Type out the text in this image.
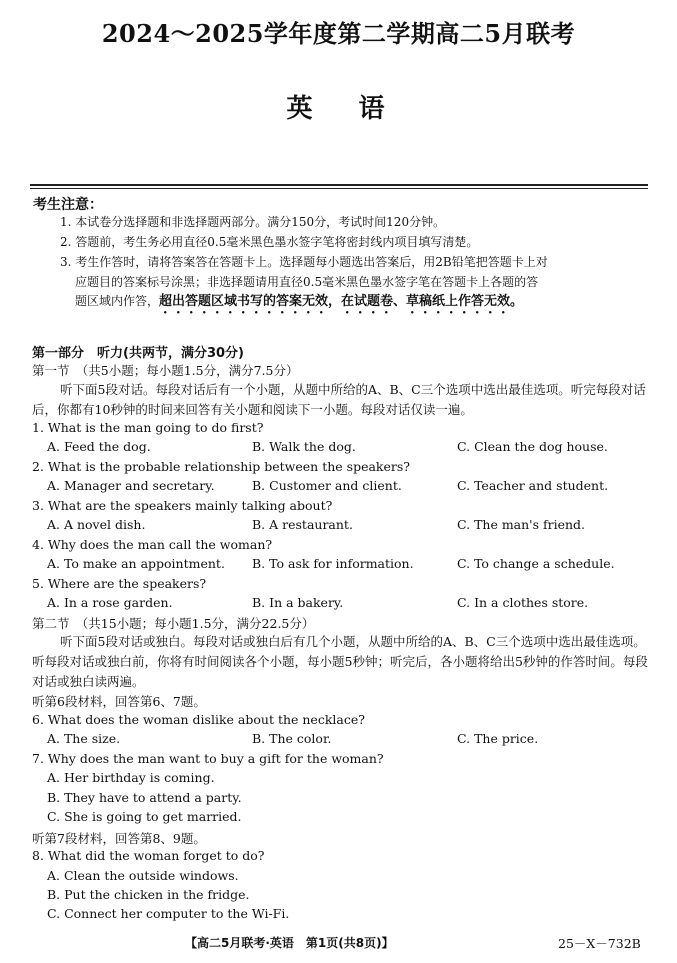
2024～2025学年度第二学期高二5月联考
英语
考生注意：
1. 本试卷分选择题和非选择题两部分。满分150分，考试时间120分钟。
2. 答题前，考生务必用直径0.5毫米黑色墨水签字笔将密封线内项目填写清楚。
3. 考生作答时，请将答案答在答题卡上。选择题每小题选出答案后，用2B铅笔把答题卡上对
应题目的答案标号涂黑；非选择题请用直径0.5毫米黑色墨水签字笔在答题卡上各题的答
题区域内作答，超出答题区域书写的答案无效，在试题卷、草稿纸上作答无效。
第一部分　听力(共两节，满分30分)
第一节　（共5小题；每小题1.5分，满分7.5分）
听下面5段对话。每段对话后有一个小题，从题中所给的A、B、C三个选项中选出最佳选项。听完每段对话后，你都有10秒钟的时间来回答有关小题和阅读下一小题。每段对话仅读一遍。
1. What is the man going to do first?
A. Feed the dog.	B. Walk the dog.	C. Clean the dog house.
2. What is the probable relationship between the speakers?
A. Manager and secretary.	B. Customer and client.	C. Teacher and student.
3. What are the speakers mainly talking about?
A. A novel dish.	B. A restaurant.	C. The man's friend.
4. Why does the man call the woman?
A. To make an appointment. B. To ask for information.	C. To change a schedule.
5. Where are the speakers?
A. In a rose garden.	B. In a bakery.	C. In a clothes store.
第二节　（共15小题；每小题1.5分，满分22.5分）
听下面5段对话或独白。每段对话或独白后有几个小题，从题中所给的A、B、C三个选项中选出最佳选项。听每段对话或独白前，你将有时间阅读各个小题，每小题5秒钟；听完后，各小题将给出5秒钟的作答时间。每段对话或独白读两遍。
听第6段材料，回答第6、7题。
6. What does the woman dislike about the necklace?
A. The size.	B. The color.	C. The price.
7. Why does the man want to buy a gift for the woman?
A. Her birthday is coming.
B. They have to attend a party.
C. She is going to get married.
听第7段材料，回答第8、9题。
8. What did the woman forget to do?
A. Clean the outside windows.
B. Put the chicken in the fridge.
C. Connect her computer to the Wi-Fi.
【高二5月联考·英语　第1页(共8页)】	25－X－732B
